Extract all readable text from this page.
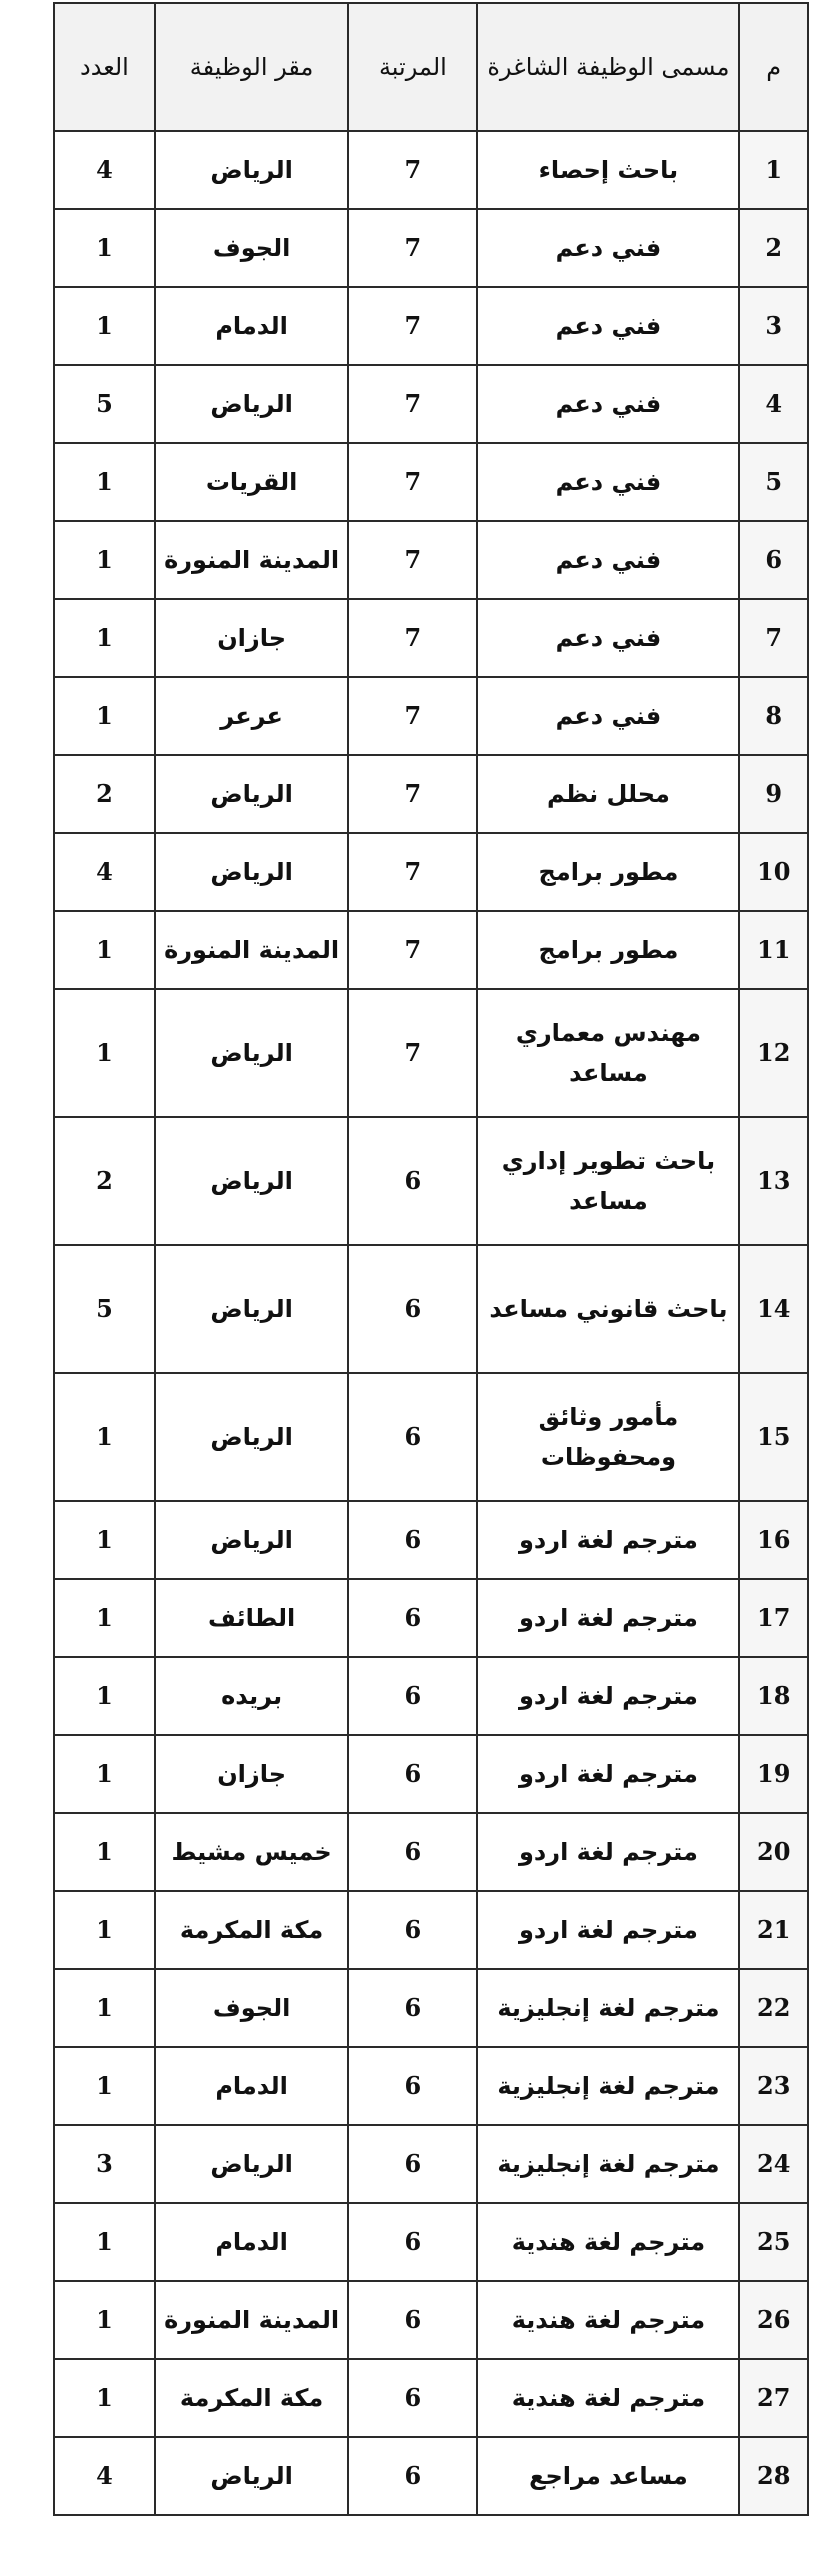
م	مسمى الوظيفة الشاغرة	المرتبة	مقر الوظيفة	العدد
1	باحث إحصاء	7	الرياض	4
2	فني دعم	7	الجوف	1
3	فني دعم	7	الدمام	1
4	فني دعم	7	الرياض	5
5	فني دعم	7	القريات	1
6	فني دعم	7	المدينة المنورة	1
7	فني دعم	7	جازان	1
8	فني دعم	7	عرعر	1
9	محلل نظم	7	الرياض	2
10	مطور برامج	7	الرياض	4
11	مطور برامج	7	المدينة المنورة	1
12	مهندس معماري مساعد	7	الرياض	1
13	باحث تطوير إداري مساعد	6	الرياض	2
14	باحث قانوني مساعد	6	الرياض	5
15	مأمور وثائق ومحفوظات	6	الرياض	1
16	مترجم لغة اردو	6	الرياض	1
17	مترجم لغة اردو	6	الطائف	1
18	مترجم لغة اردو	6	بريده	1
19	مترجم لغة اردو	6	جازان	1
20	مترجم لغة اردو	6	خميس مشيط	1
21	مترجم لغة اردو	6	مكة المكرمة	1
22	مترجم لغة إنجليزية	6	الجوف	1
23	مترجم لغة إنجليزية	6	الدمام	1
24	مترجم لغة إنجليزية	6	الرياض	3
25	مترجم لغة هندية	6	الدمام	1
26	مترجم لغة هندية	6	المدينة المنورة	1
27	مترجم لغة هندية	6	مكة المكرمة	1
28	مساعد مراجع	6	الرياض	4
